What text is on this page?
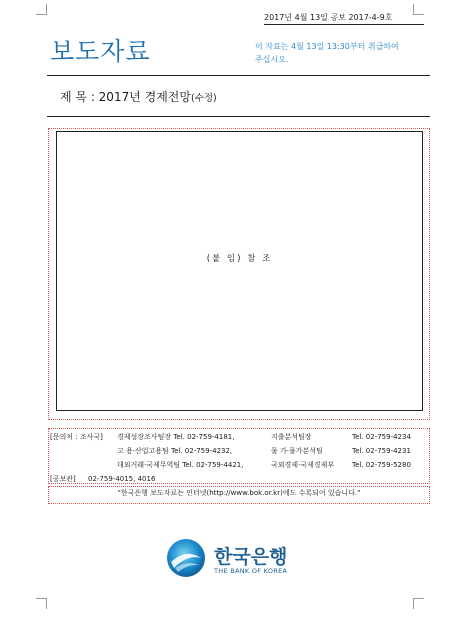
2017년 4월 13일 공보 2017-4-9호
보도자료	이 자료는 4월 13일 13:30부터 취급하여
주십시오.
제 목 : 2017년 경제전망(수정)
(붙 임) 참 조
[문의처 : 조사국] 경제성장조사팀장 Tel. 02-759-4181,	지출분석팀장	Tel. 02-759-4234
고 용·산업고용팀 Tel. 02-759-4232,	물 가·물가분석팀	Tel. 02-759-4231
대외거래·국제무역팀 Tel. 02-759-4421,	국외경제·국제경제부	Tel. 02-759-5280
[공보관] 02-759-4015, 4016
"한국은행 보도자료는 인터넷(http://www.bok.or.kr)에도 수록되어 있습니다."
한국은행
THE BANK OF KOREA
